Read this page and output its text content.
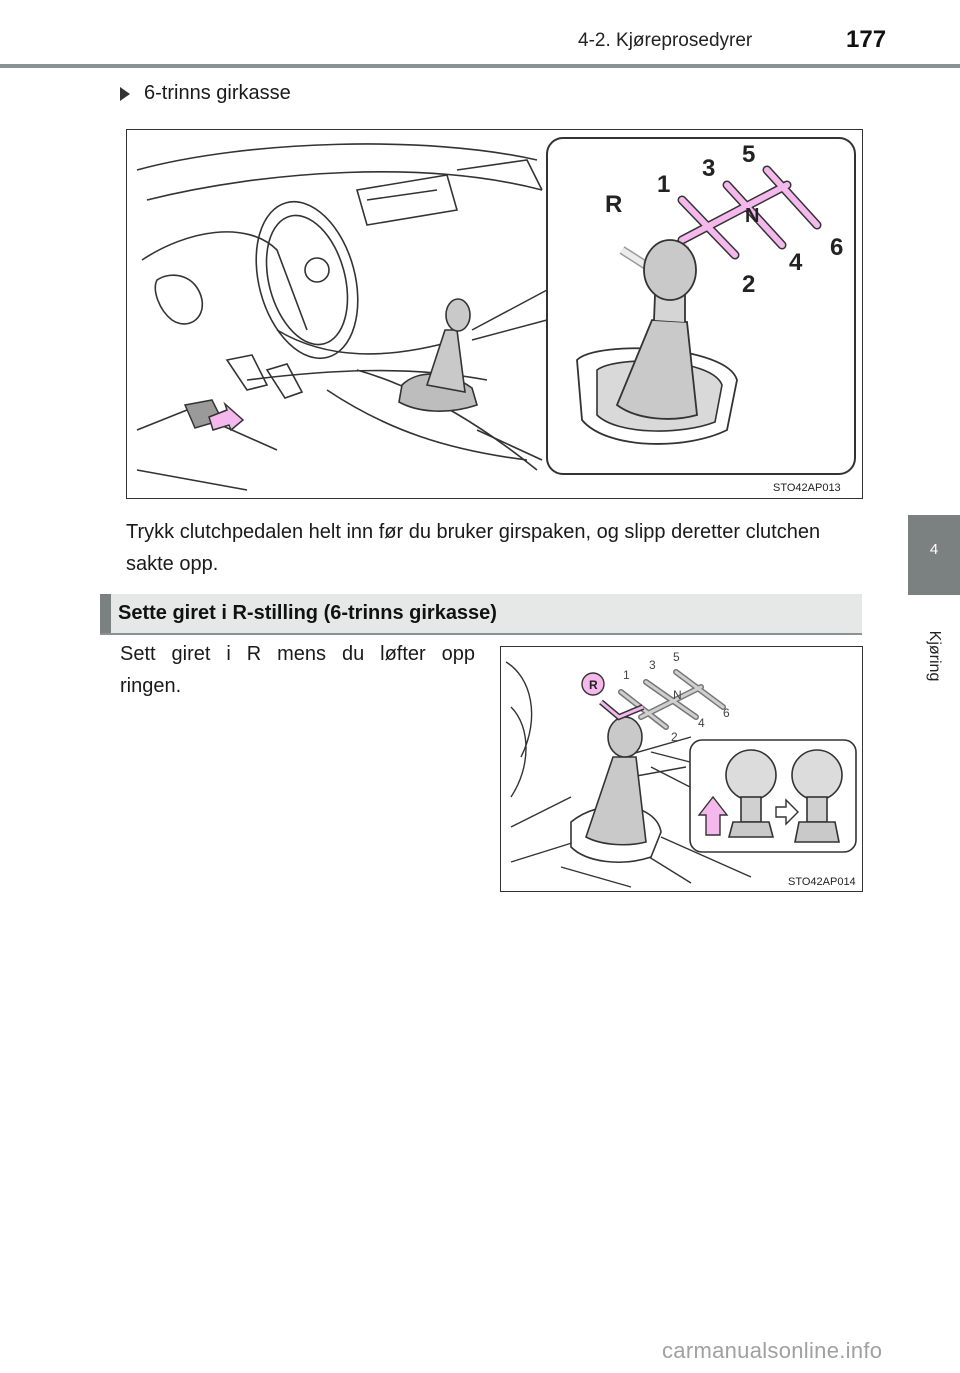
4-2. Kjøreprosedyrer	177
4
Kjøring
6-trinns girkasse
R
1
3
5
2
4
6
N
STO42AP013
Trykk clutchpedalen helt inn før du bruker girspaken, og slipp deretter clutchen sakte opp.
Sette giret i R-stilling (6-trinns girkasse)
Sett giret i R mens du løfter opp
ringen.	R
1
3
5
2
4
6
N
STO42AP014
carmanualsonline.info
